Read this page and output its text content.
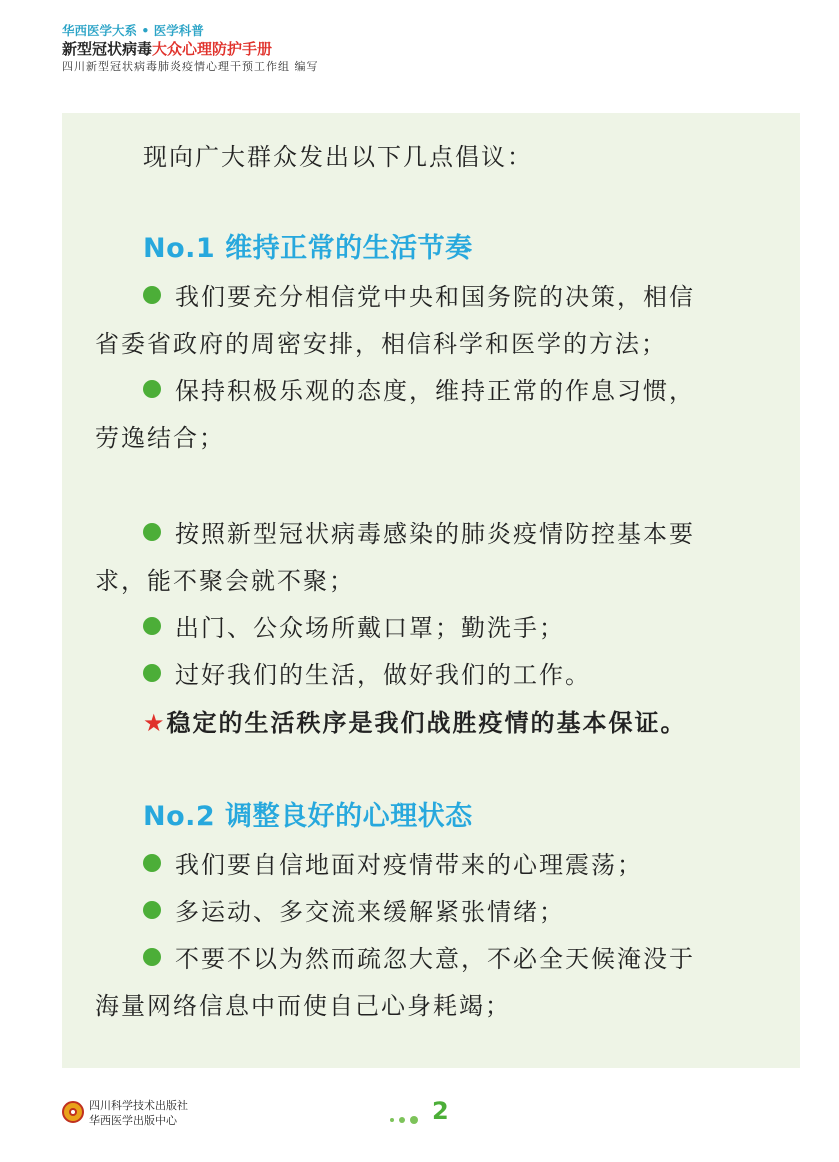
华西医学大系 • 医学科普
新型冠状病毒大众心理防护手册
四川新型冠状病毒肺炎疫情心理干预工作组 编写
现向广大群众发出以下几点倡议：
No.1 维持正常的生活节奏
我们要充分相信党中央和国务院的决策，相信
省委省政府的周密安排，相信科学和医学的方法；
保持积极乐观的态度，维持正常的作息习惯，
劳逸结合；
按照新型冠状病毒感染的肺炎疫情防控基本要
求，能不聚会就不聚；
出门、公众场所戴口罩；勤洗手；
过好我们的生活，做好我们的工作。
★稳定的生活秩序是我们战胜疫情的基本保证。
No.2 调整良好的心理状态
我们要自信地面对疫情带来的心理震荡；
多运动、多交流来缓解紧张情绪；
不要不以为然而疏忽大意，不必全天候淹没于
海量网络信息中而使自己心身耗竭；
四川科学技术出版社
华西医学出版中心	2
